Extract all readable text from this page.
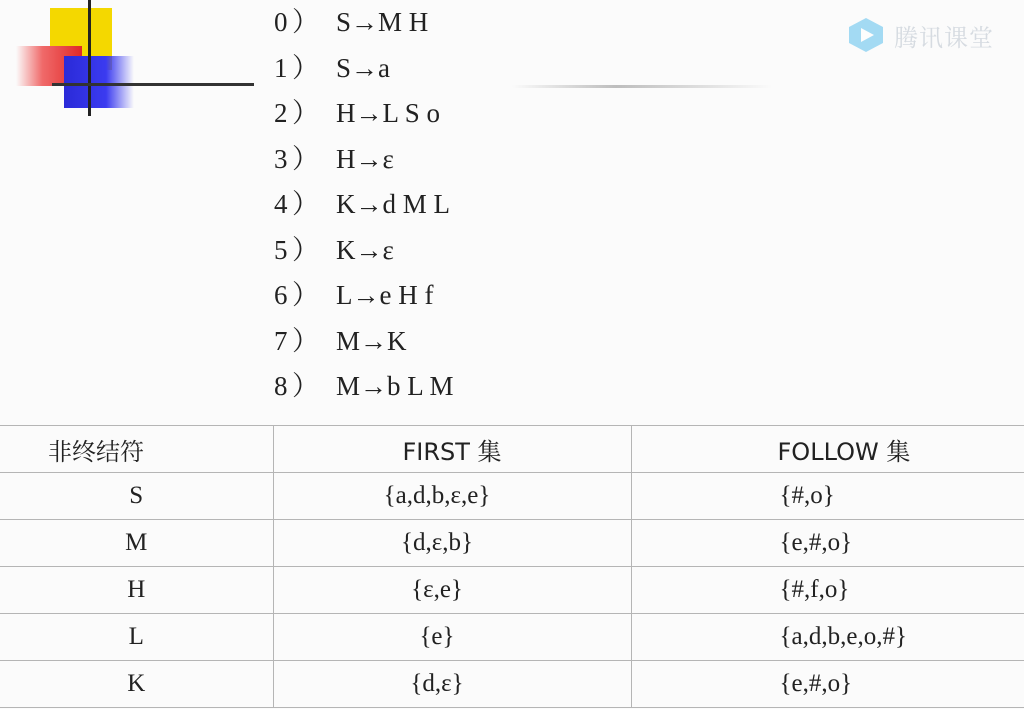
腾讯课堂
0 ） S→M H
1 ） S→a
2 ） H→L S o
3 ） H→ε
4 ） K→d M L
5 ） K→ε
6 ） L→e H f
7 ） M→K
8 ） M→b L M
非终结符	FIRST 集	FOLLOW 集
S	{a,d,b,ε,e}	{#,o}
M	{d,ε,b}	{e,#,o}
H	{ε,e}	{#,f,o}
L	{e}	{a,d,b,e,o,#}
K	{d,ε}	{e,#,o}
